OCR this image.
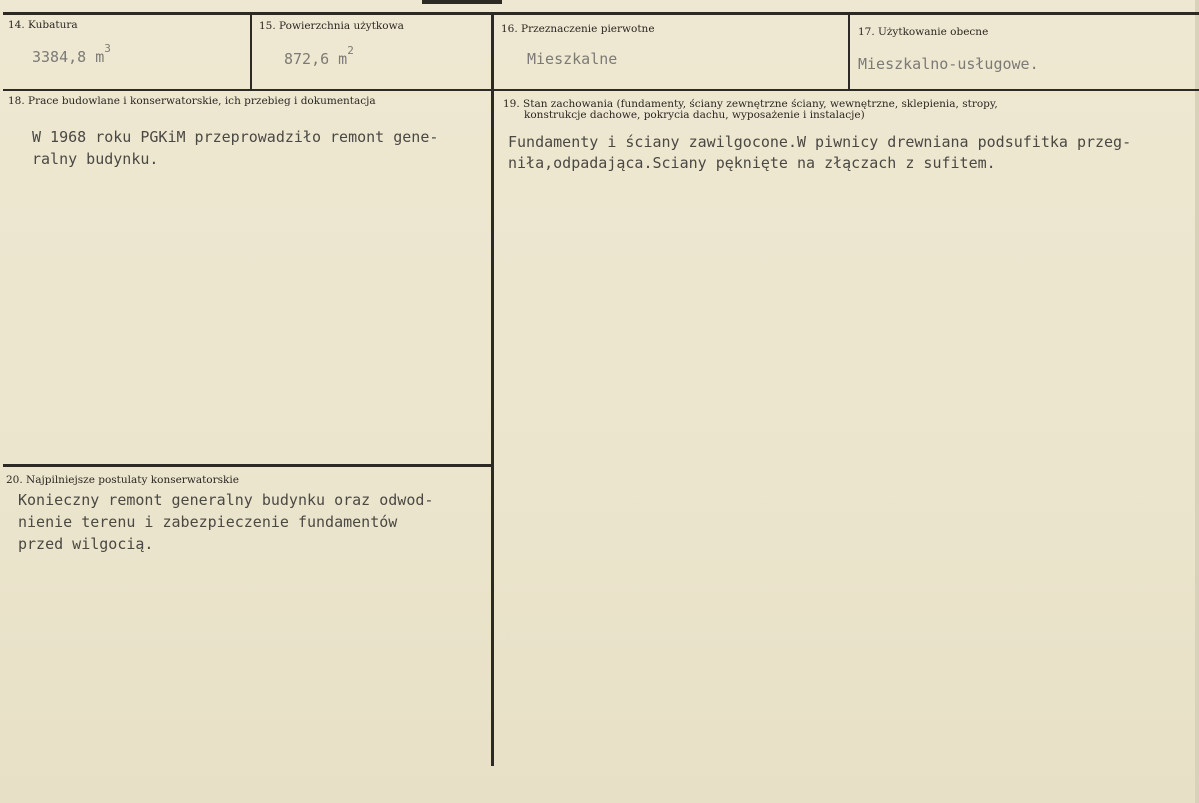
14. Kubatura
3384,8 $m^3$
15. Powierzchnia użytkowa
872,6 $m^2$
16. Przeznaczenie pierwotne
Mieszkalne
17. Użytkowanie obecne
Mieszkalno-usługowe.
18. Prace budowlane i konserwatorskie, ich przebieg i dokumentacja
W 1968 roku PGKiM przeprowadziło remont gene-
ralny budynku.
19. Stan zachowania (fundamenty, ściany zewnętrzne ściany, wewnętrzne, sklepienia, stropy,
konstrukcje dachowe, pokrycia dachu, wyposażenie i instalacje)
Fundamenty i ściany zawilgocone.W piwnicy drewniana podsufitka przeg-
niła,odpadająca.Sciany pęknięte na złączach z sufitem.
20. Najpilniejsze postulaty konserwatorskie
Konieczny remont generalny budynku oraz odwod-
nienie terenu i zabezpieczenie fundamentów
przed wilgocią.
